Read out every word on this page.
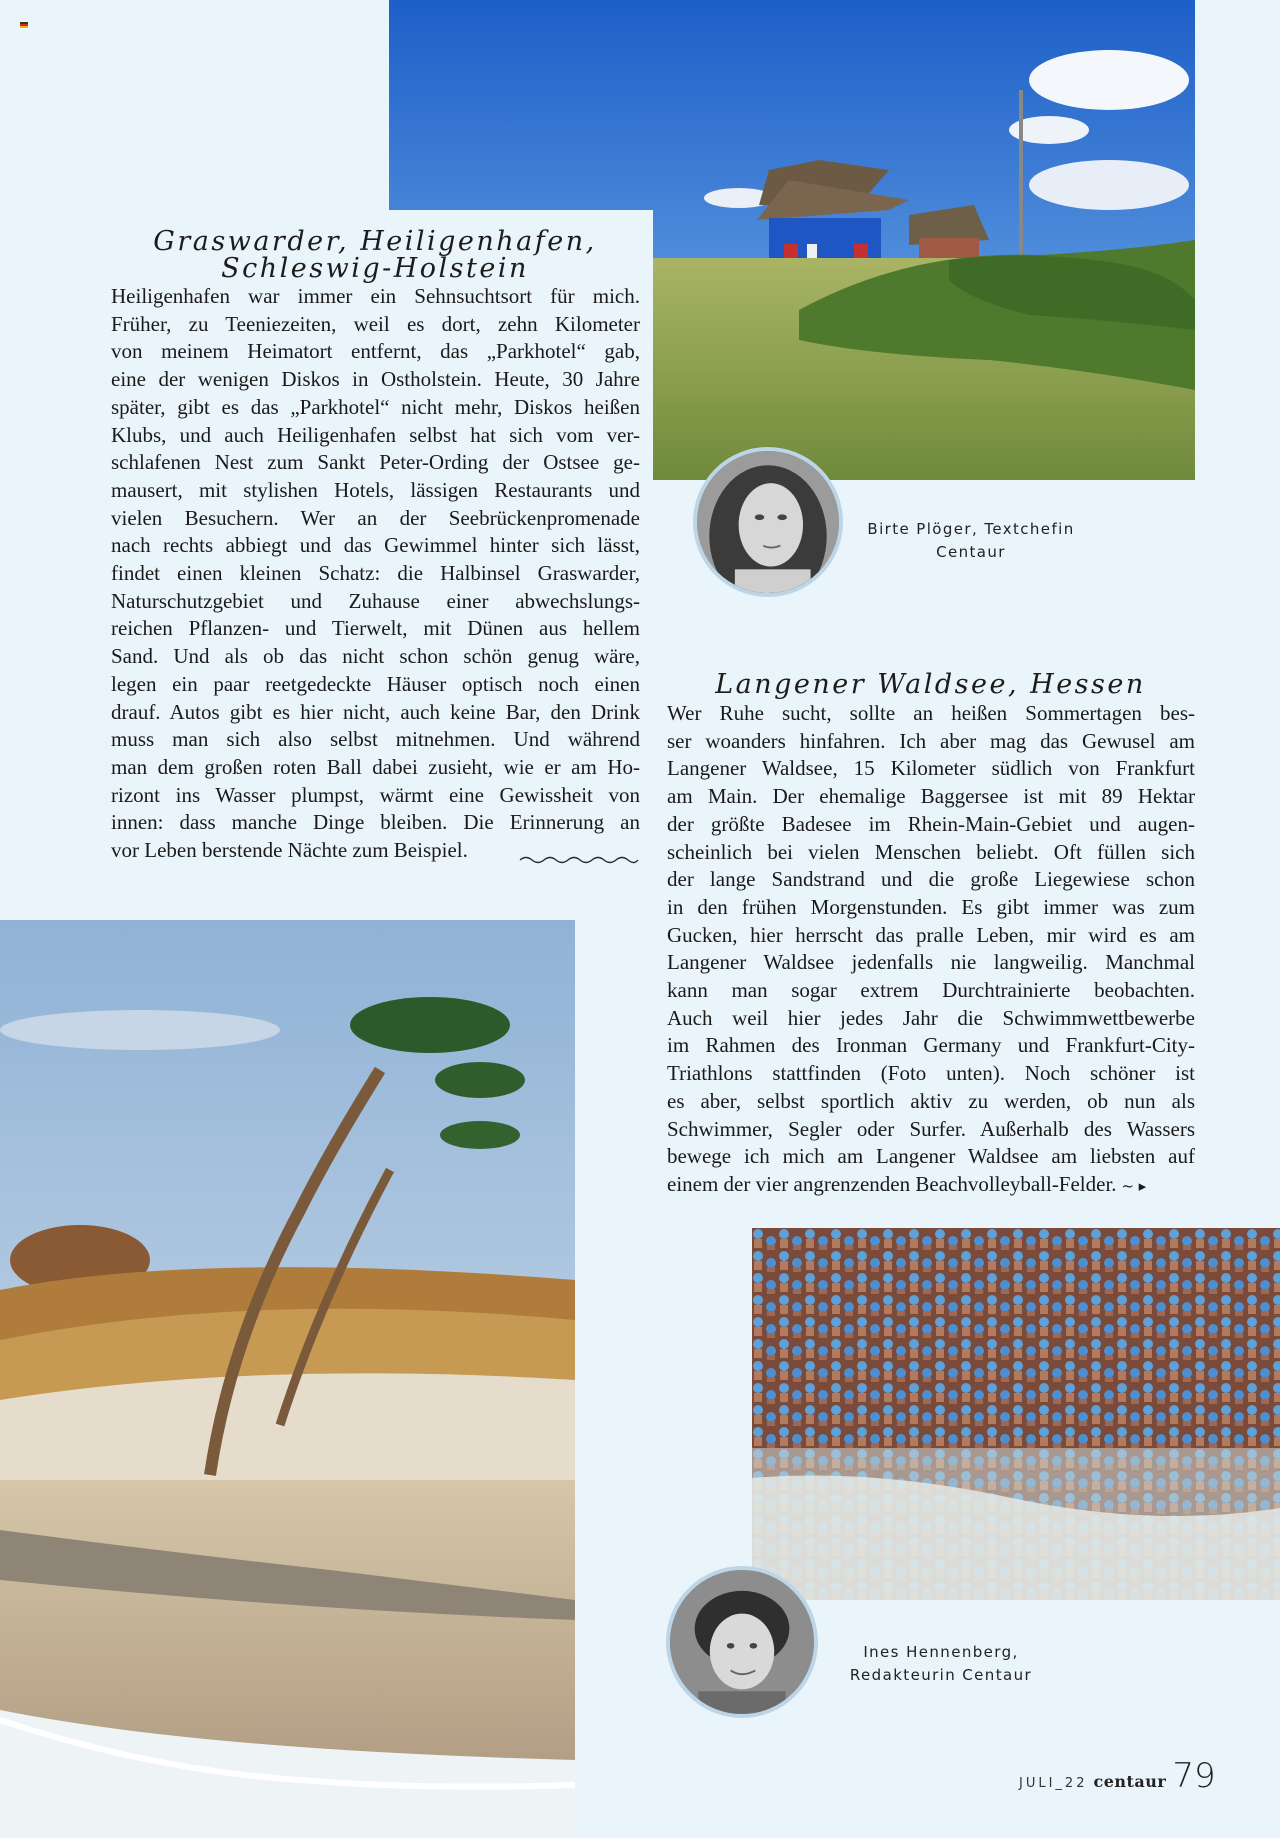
Graswarder, Heiligenhafen,
Schleswig-Holstein
Heiligenhafen war immer ein Sehnsuchtsort für mich.
Früher, zu Teeniezeiten, weil es dort, zehn Kilometer
von meinem Heimatort entfernt, das „Parkhotel“ gab,
eine der wenigen Diskos in Ostholstein. Heute, 30 Jahre
später, gibt es das „Parkhotel“ nicht mehr, Diskos heißen
Klubs, und auch Heiligenhafen selbst hat sich vom ver-
schlafenen Nest zum Sankt Peter-Ording der Ostsee ge-
mausert, mit stylishen Hotels, lässigen Restaurants und
vielen Besuchern. Wer an der Seebrückenpromenade
nach rechts abbiegt und das Gewimmel hinter sich lässt,
findet einen kleinen Schatz: die Halbinsel Graswarder,
Naturschutzgebiet und Zuhause einer abwechslungs-
reichen Pflanzen- und Tierwelt, mit Dünen aus hellem
Sand. Und als ob das nicht schon schön genug wäre,
legen ein paar reetgedeckte Häuser optisch noch einen
drauf. Autos gibt es hier nicht, auch keine Bar, den Drink
muss man sich also selbst mitnehmen. Und während
man dem großen roten Ball dabei zusieht, wie er am Ho-
rizont ins Wasser plumpst, wärmt eine Gewissheit von
innen: dass manche Dinge bleiben. Die Erinnerung an
vor Leben berstende Nächte zum Beispiel.
Birte Plöger, Textchefin
Centaur
Langener Waldsee, Hessen
Wer Ruhe sucht, sollte an heißen Sommertagen bes-
ser woanders hinfahren. Ich aber mag das Gewusel am
Langener Waldsee, 15 Kilometer südlich von Frankfurt
am Main. Der ehemalige Baggersee ist mit 89 Hektar
der größte Badesee im Rhein-Main-Gebiet und augen-
scheinlich bei vielen Menschen beliebt. Oft füllen sich
der lange Sandstrand und die große Liegewiese schon
in den frühen Morgenstunden. Es gibt immer was zum
Gucken, hier herrscht das pralle Leben, mir wird es am
Langener Waldsee jedenfalls nie langweilig. Manchmal
kann man sogar extrem Durchtrainierte beobachten.
Auch weil hier jedes Jahr die Schwimmwettbewerbe
im Rahmen des Ironman Germany und Frankfurt-City-
Triathlons stattfinden (Foto unten). Noch schöner ist
es aber, selbst sportlich aktiv zu werden, ob nun als
Schwimmer, Segler oder Surfer. Außerhalb des Wassers
bewege ich mich am Langener Waldsee am liebsten auf
einem der vier angrenzenden Beachvolleyball-Felder. ~ ▸
Ines Hennenberg,
Redakteurin Centaur
JULI_22 centaur 79
